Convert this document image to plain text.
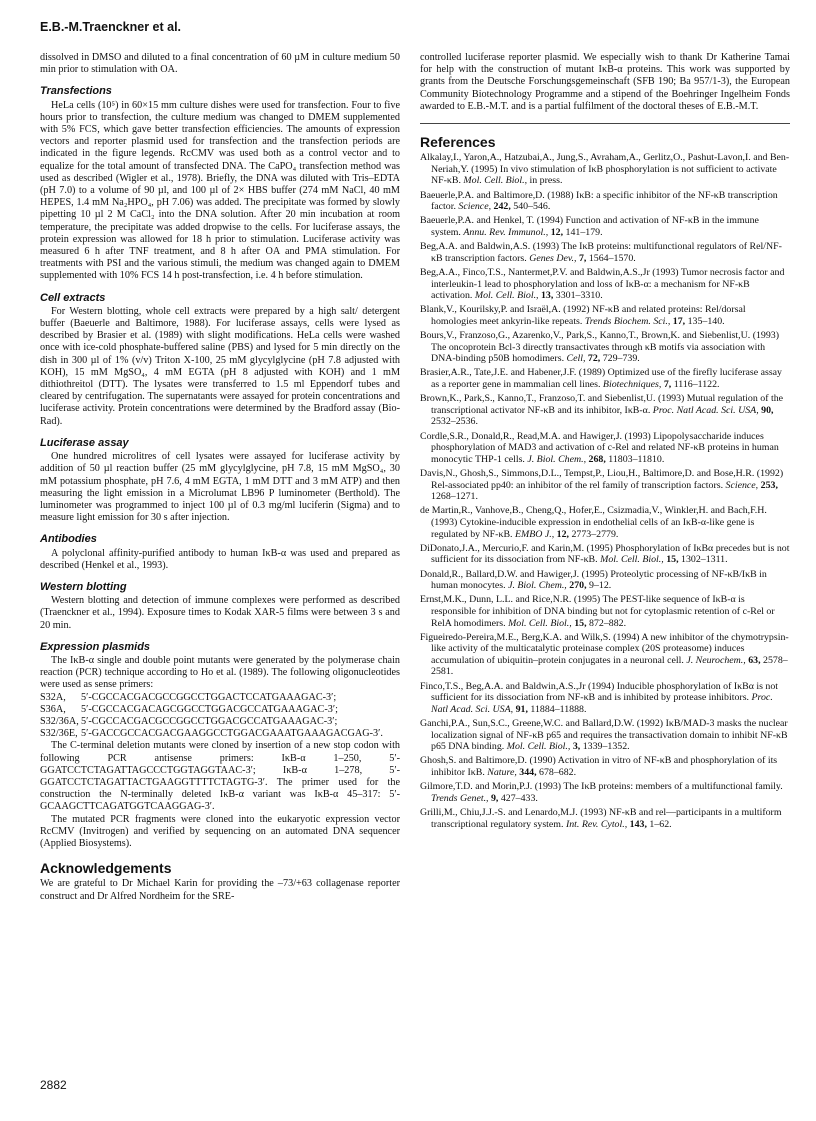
E.B.-M.Traenckner et al.

dissolved in DMSO and diluted to a final concentration of 60 µM in culture medium 50 min prior to stimulation with OA.

Transfections

HeLa cells (10⁵) in 60×15 mm culture dishes were used for transfection. Four to five hours prior to transfection, the culture medium was changed to DMEM supplemented with 5% FCS, which gave better transfection efficiencies. The amounts of expression vectors and reporter plasmid used for transfection and the transfection periods are indicated in the figure legends. RcCMV was used both as a control vector and to equalize for the total amount of transfected DNA. The CaPO₄ transfection method was used as described (Wigler et al., 1978). Briefly, the DNA was diluted with Tris–EDTA (pH 7.0) to a volume of 90 µl, and 100 µl of 2× HBS buffer (274 mM NaCl, 40 mM HEPES, 1.4 mM Na₂HPO₄, pH 7.06) was added. The precipitate was formed by slowly pipetting 10 µl 2 M CaCl₂ into the DNA solution. After 20 min incubation at room temperature, the precipitate was added dropwise to the cells. For luciferase assays, the protein expression was allowed for 18 h prior to stimulation. Luciferase activity was measured 6 h after TNF treatment, and 8 h after OA and PMA stimulation. For treatments with PSI and the various stimuli, the medium was changed again to DMEM supplemented with 10% FCS 14 h post-transfection, i.e. 4 h before stimulation.

Cell extracts

For Western blotting, whole cell extracts were prepared by a high salt/ detergent buffer (Baeuerle and Baltimore, 1988). For luciferase assays, cells were lysed as described by Brasier et al. (1989) with slight modifications. HeLa cells were washed once with ice-cold phosphate-buffered saline (PBS) and lysed for 5 min directly on the dish in 300 µl of 1% (v/v) Triton X-100, 25 mM glycylglycine (pH 7.8 adjusted with KOH), 15 mM MgSO₄, 4 mM EGTA (pH 8 adjusted with KOH) and 1 mM dithiothreitol (DTT). The lysates were transferred to 1.5 ml Eppendorf tubes and cleared by centrifugation. The supernatants were assayed for protein concentrations and luciferase activity. Protein concentrations were determined by the Bradford assay (Bio-Rad).

Luciferase assay

One hundred microlitres of cell lysates were assayed for luciferase activity by addition of 50 µl reaction buffer (25 mM glycylglycine, pH 7.8, 15 mM MgSO₄, 30 mM potassium phosphate, pH 7.6, 4 mM EGTA, 1 mM DTT and 3 mM ATP) and then measuring the light emission in a Microlumat LB96 P luminometer (Berthold). The luminometer was programmed to inject 100 µl of 0.3 mg/ml luciferin (Sigma) and to measure light emission for 30 s after injection.

Antibodies

A polyclonal affinity-purified antibody to human IκB-α was used and prepared as described (Henkel et al., 1993).

Western blotting

Western blotting and detection of immune complexes were performed as described (Traenckner et al., 1994). Exposure times to Kodak XAR-5 films were between 3 s and 20 min.

Expression plasmids

The IκB-α single and double point mutants were generated by the polymerase chain reaction (PCR) technique according to Ho et al. (1989). The following oligonucleotides were used as sense primers:

S32A,	5′-CGCCACGACGCCGGCCTGGACTCCATGAAAGAC-3′;
S36A,	5′-CGCCACGACAGCGGCCTGGACGCCATGAAAGAC-3′;
S32/36A, 5′-CGCCACGACGCCGGCCTGGACGCCATGAAAGAC-3′;
S32/36E, 5′-GACCGCCACGACGAAGGCCTGGACGAAATGAAAGACGAG-3′.

The C-terminal deletion mutants were cloned by insertion of a new stop codon with following PCR antisense primers: IκB-α 1–250, 5′-GGATCCTCTAGATTAGCCCTGGTAGGTAAC-3′; IκB-α 1–278, 5′-GGATCCTCTAGATTACTGAAGGTTTTCTAGTG-3′. The primer used for the construction the N-terminally deleted IκB-α variant was IκB-α 45–317: 5′-GCAAGCTTCAGATGGTCAAGGAG-3′.

The mutated PCR fragments were cloned into the eukaryotic expression vector RcCMV (Invitrogen) and verified by sequencing on an automated DNA sequencer (Applied Biosystems).

Acknowledgements

We are grateful to Dr Michael Karin for providing the –73/+63 collagenase reporter construct and Dr Alfred Nordheim for the SRE-

controlled luciferase reporter plasmid. We especially wish to thank Dr Katherine Tamai for help with the construction of mutant IκB-α proteins. This work was supported by grants from the Deutsche Forschungsgemeinschaft (SFB 190; Ba 957/1-3), the European Community Biotechnology Programme and a stipend of the Boehringer Ingelheim Fonds awarded to E.B.-M.T. and is a partial fulfilment of the doctoral theses of E.B.-M.T.

References
Alkalay,I., Yaron,A., Hatzubai,A., Jung,S., Avraham,A., Gerlitz,O., Pashut-Lavon,I. and Ben-Neriah,Y. (1995) In vivo stimulation of IκB phosphorylation is not sufficient to activate NF-κB. Mol. Cell. Biol., in press.
Baeuerle,P.A. and Baltimore,D. (1988) IκB: a specific inhibitor of the NF-κB transcription factor. Science, 242, 540–546.
Baeuerle,P.A. and Henkel, T. (1994) Function and activation of NF-κB in the immune system. Annu. Rev. Immunol., 12, 141–179.
Beg,A.A. and Baldwin,A.S. (1993) The IκB proteins: multifunctional regulators of Rel/NF-κB transcription factors. Genes Dev., 7, 1564–1570.
Beg,A.A., Finco,T.S., Nantermet,P.V. and Baldwin,A.S.,Jr (1993) Tumor necrosis factor and interleukin-1 lead to phosphorylation and loss of IκB-α: a mechanism for NF-κB activation. Mol. Cell. Biol., 13, 3301–3310.
Blank,V., Kourilsky,P. and Israël,A. (1992) NF-κB and related proteins: Rel/dorsal homologies meet ankyrin-like repeats. Trends Biochem. Sci., 17, 135–140.
Bours,V., Franzoso,G., Azarenko,V., Park,S., Kanno,T., Brown,K. and Siebenlist,U. (1993) The oncoprotein Bcl-3 directly transactivates through κB motifs via association with DNA-binding p50B homodimers. Cell, 72, 729–739.
Brasier,A.R., Tate,J.E. and Habener,J.F. (1989) Optimized use of the firefly luciferase assay as a reporter gene in mammalian cell lines. Biotechniques, 7, 1116–1122.
Brown,K., Park,S., Kanno,T., Franzoso,T. and Siebenlist,U. (1993) Mutual regulation of the transcriptional activator NF-κB and its inhibitor, IκB-α. Proc. Natl Acad. Sci. USA, 90, 2532–2536.
Cordle,S.R., Donald,R., Read,M.A. and Hawiger,J. (1993) Lipopolysaccharide induces phosphorylation of MAD3 and activation of c-Rel and related NF-κB proteins in human monocytic THP-1 cells. J. Biol. Chem., 268, 11803–11810.
Davis,N., Ghosh,S., Simmons,D.L., Tempst,P., Liou,H., Baltimore,D. and Bose,H.R. (1992) Rel-associated pp40: an inhibitor of the rel family of transcription factors. Science, 253, 1268–1271.
de Martin,R., Vanhove,B., Cheng,Q., Hofer,E., Csizmadia,V., Winkler,H. and Bach,F.H. (1993) Cytokine-inducible expression in endothelial cells of an IκB-α-like gene is regulated by NF-κB. EMBO J., 12, 2773–2779.
DiDonato,J.A., Mercurio,F. and Karin,M. (1995) Phosphorylation of IκBα precedes but is not sufficient for its dissociation from NF-κB. Mol. Cell. Biol., 15, 1302–1311.
Donald,R., Ballard,D.W. and Hawiger,J. (1995) Proteolytic processing of NF-κB/IκB in human monocytes. J. Biol. Chem., 270, 9–12.
Ernst,M.K., Dunn, L.L. and Rice,N.R. (1995) The PEST-like sequence of IκB-α is responsible for inhibition of DNA binding but not for cytoplasmic retention of c-Rel or RelA homodimers. Mol. Cell. Biol., 15, 872–882.
Figueiredo-Pereira,M.E., Berg,K.A. and Wilk,S. (1994) A new inhibitor of the chymotrypsin-like activity of the multicatalytic proteinase complex (20S proteasome) induces accumulation of ubiquitin–protein conjugates in a neuronal cell. J. Neurochem., 63, 2578–2581.
Finco,T.S., Beg,A.A. and Baldwin,A.S.,Jr (1994) Inducible phosphorylation of IκBα is not sufficient for its dissociation from NF-κB and is inhibited by protease inhibitors. Proc. Natl Acad. Sci. USA, 91, 11884–11888.
Ganchi,P.A., Sun,S.C., Greene,W.C. and Ballard,D.W. (1992) IκB/MAD-3 masks the nuclear localization signal of NF-κB p65 and requires the transactivation domain to inhibit NF-κB p65 DNA binding. Mol. Cell. Biol., 3, 1339–1352.
Ghosh,S. and Baltimore,D. (1990) Activation in vitro of NF-κB and phosphorylation of its inhibitor IκB. Nature, 344, 678–682.
Gilmore,T.D. and Morin,P.J. (1993) The IκB proteins: members of a multifunctional family. Trends Genet., 9, 427–433.
Grilli,M., Chiu,J.J.-S. and Lenardo,M.J. (1993) NF-κB and rel—participants in a multiform transcriptional regulatory system. Int. Rev. Cytol., 143, 1–62.
2882
